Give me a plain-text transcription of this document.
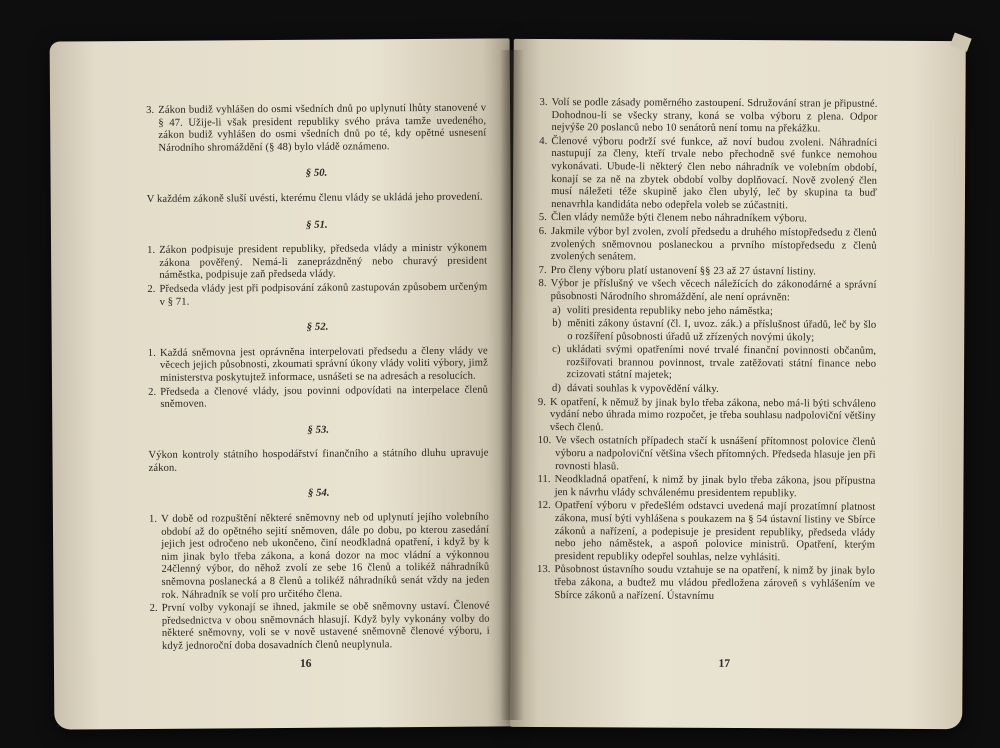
3. Zákon budiž vyhlášen do osmi všedních dnů po uplynutí lhůty stanovené v § 47. Užije-li však president republiky svého práva tamže uvedeného, zákon budiž vyhlášen do osmi všedních dnů po té, kdy opětné usnesení Národního shromáždění (§ 48) bylo vládě oznámeno.
§ 50.
V každém zákoně sluší uvésti, kterému členu vlády se ukládá jeho provedení.
§ 51.
1. Zákon podpisuje president republiky, předseda vlády a ministr výkonem zákona pověřený. Nemá-li zaneprázdněný nebo churavý president náměstka, podpisuje zaň předseda vlády.
2. Předseda vlády jest při podpisování zákonů zastupován způsobem určeným v § 71.
§ 52.
1. Každá sněmovna jest oprávněna interpelovati předsedu a členy vlády ve věcech jejich působnosti, zkoumati správní úkony vlády voliti výbory, jimž ministerstva poskytujtež informace, usnášeti se na adresách a resolucích.
2. Předseda a členové vlády, jsou povinni odpovídati na interpelace členů sněmoven.
§ 53.
Výkon kontroly státního hospodářství finančního a státního dluhu upravuje zákon.
§ 54.
1. V době od rozpuštění některé sněmovny neb od uplynutí jejího volebního období až do opětného sejití sněmoven, dále po dobu, po kterou zasedání jejich jest odročeno neb ukončeno, činí neodkladná opatření, i když by k nim jinak bylo třeba zákona, a koná dozor na moc vládní a výkonnou 24členný výbor, do něhož zvolí ze sebe 16 členů a tolikéž náhradníků sněmovna poslanecká a 8 členů a tolikéž náhradníků senát vždy na jeden rok. Náhradník se volí pro určitého člena.
2. První volby vykonají se ihned, jakmile se obě sněmovny ustaví. Členové předsednictva v obou sněmovnách hlasují. Když byly vykonány volby do některé sněmovny, voli se v nově ustavené sněmovně členové výboru, i když jednoroční doba dosavadních členů neuplynula.
16
3. Volí se podle zásady poměrného zastoupení. Sdružování stran je připustné. Dohodnou-li se všecky strany, koná se volba výboru z plena. Odpor nejvýše 20 poslanců nebo 10 senátorů není tomu na překážku.
4. Členové výboru podrží své funkce, až noví budou zvoleni. Náhradníci nastupují za členy, kteří trvale nebo přechodně své funkce nemohou vykonávati. Ubude-li některý člen nebo náhradník ve volebním období, konají se za ně na zbytek období volby doplňovací. Nově zvolený člen musí náležeti téže skupině jako člen ubylý, leč by skupina ta buď nenavrhla kandidáta nebo odepřela voleb se zúčastniti.
5. Člen vlády nemůže býti členem nebo náhradníkem výboru.
6. Jakmile výbor byl zvolen, zvolí předsedu a druhého místopředsedu z členů zvolených sněmovnou poslaneckou a prvního místopředsedu z členů zvolených senátem.
7. Pro členy výboru platí ustanovení §§ 23 až 27 ústavní listiny.
8. Výbor je příslušný ve všech věcech náležících do zákonodárné a správní působnosti Národního shromáždění, ale není oprávněn:
a) voliti presidenta republiky nebo jeho náměstka;
b) měniti zákony ústavní (čl. I, uvoz. zák.) a příslušnost úřadů, leč by šlo o rozšíření působnosti úřadů už zřízených novými úkoly;
c) ukládati svými opatřeními nové trvalé finanční povinnosti občanům, rozšiřovati brannou povinnost, trvale zatěžovati státní finance nebo zcizovati státní majetek;
d) dávati souhlas k vypovědění války.
9. K opatření, k němuž by jinak bylo třeba zákona, nebo má-li býti schváleno vydání nebo úhrada mimo rozpočet, je třeba souhlasu nadpoloviční většiny všech členů.
10. Ve všech ostatních případech stačí k usnášení přítomnost polovice členů výboru a nadpoloviční většina všech přítomných. Předseda hlasuje jen při rovnosti hlasů.
11. Neodkladná opatření, k nimž by jinak bylo třeba zákona, jsou přípustna jen k návrhu vlády schválenému presidentem republiky.
12. Opatření výboru v předešlém odstavci uvedená mají prozatímní platnost zákona, musí býti vyhlášena s poukazem na § 54 ústavní listiny ve Sbírce zákonů a nařízení, a podepisuje je president republiky, předseda vlády nebo jeho náměstek, a aspoň polovice ministrů. Opatření, kterým president republiky odepřel souhlas, nelze vyhlásiti.
13. Působnost ústavního soudu vztahuje se na opatření, k nimž by jinak bylo třeba zákona, a budtež mu vládou předložena zároveň s vyhlášením ve Sbírce zákonů a nařízení. Ústavnímu
17
